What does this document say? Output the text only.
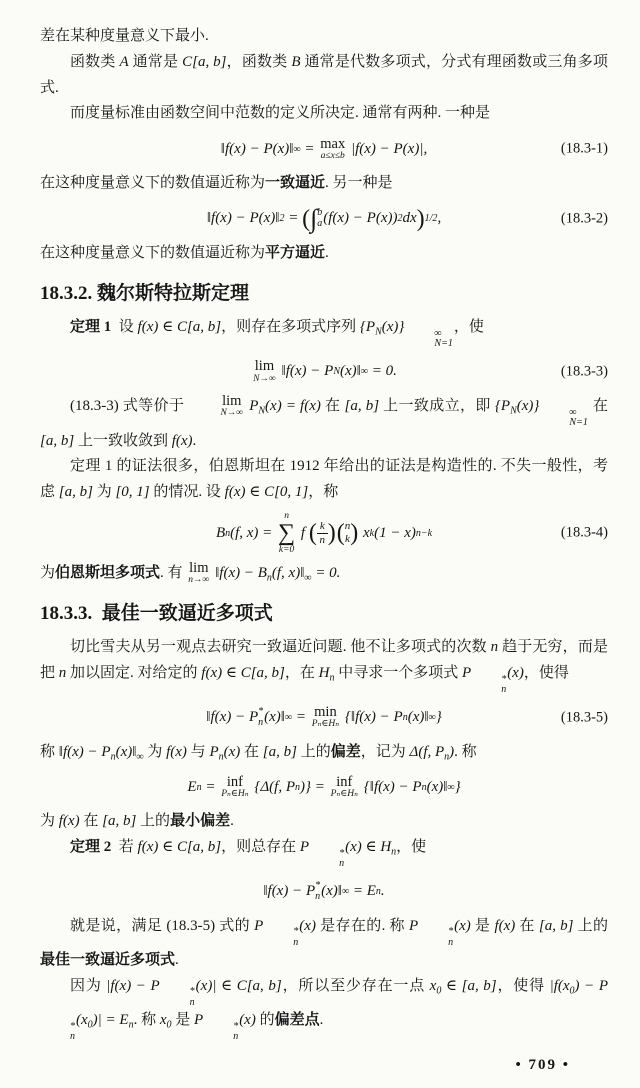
差在某种度量意义下最小.

函数类 A 通常是 C[a, b]，函数类 B 通常是代数多项式，分式有理函数或三角多项式.

而度量标准由函数空间中范数的定义所决定. 通常有两种. 一种是

‖f(x) − P(x)‖ ∞ = max
a≤x≤b |f(x) − P(x)|,	(18.3-1)

在这种度量意义下的数值逼近称为一致逼近. 另一种是

‖f(x) − P(x)‖ 2 = ( ∫ b
a (f(x) − P(x)) 2 dx ) 1/2 ,	(18.3-2)

在这种度量意义下的数值逼近称为平方逼近.

18.3.2. 魏尔斯特拉斯定理

定理 1  设 f(x) ∈ C[a, b]，则存在多项式序列 $\{P_N(x)\}$	∞
N=1
，使

lim
N→∞ ‖f(x) − P N (x)‖ ∞ = 0.	(18.3-3)

(18.3-3) 式等价于	lim
N→∞ $P_N(x) = f(x)$ 在 [a, b] 上一致成立，即 $\{P_N(x)\}$	∞
N=1
在 [a, b] 上一致收敛到 f(x).

定理 1 的证法很多，伯恩斯坦在 1912 年给出的证法是构造性的. 不失一般性，考虑 [a, b] 为 [0, 1] 的情况. 设 f(x) ∈ C[0, 1]，称

B n (f, x) =
n
∑
k=0
f ( $\frac{k}{n}$ ) ( n
k ) x k (1 − x) n−k	(18.3-4)

为伯恩斯坦多项式. 有 lim
n→∞ ‖f(x) − $B_n(f$, $x)‖_\infty = 0$.

18.3.3.  最佳一致逼近多项式

切比雪夫从另一观点去研究一致逼近问题. 他不让多项式的次数 n 趋于无穷，而是把 n 加以固定. 对给定的 f(x) ∈ C[a, b]，在 $H_n$ 中寻求一个多项式 P	*
n
(x)，使得

‖f(x) − P *
n (x)‖ ∞ = min
Pₙ∈Hₙ {‖f(x) − P n (x)‖ ∞ }	(18.3-5)

称 ‖f(x) − $P_n(x)‖_\infty$ 为 f(x) 与 $P_n(x)$ 在 [a, b] 上的偏差，记为 Δ(f, $P_n$). 称

E n = inf
Pₙ∈Hₙ {Δ(f, P n )} = inf
Pₙ∈Hₙ {‖f(x) − P n (x)‖ ∞ }

为 f(x) 在 [a, b] 上的最小偏差.

定理 2  若 f(x) ∈ C[a, b]，则总存在 P	*
n
(x) ∈ $H_n$，使

‖f(x) − P *
n (x)‖ ∞ = E n .

就是说，满足 (18.3-5) 式的 P	*
n
(x) 是存在的. 称 P	*
n
(x) 是 f(x) 在 [a, b] 上的最佳一致逼近多项式.

因为 |f(x) − P	*
n
(x)| ∈ C[a, b]，所以至少存在一点 $x_0$ ∈ [a, b]，使得 $|f(x_0) - P$
*
n
$(x_0)| = E_n$. 称 $x_0$ 是 P	*
n
(x) 的偏差点.

• 709 •
